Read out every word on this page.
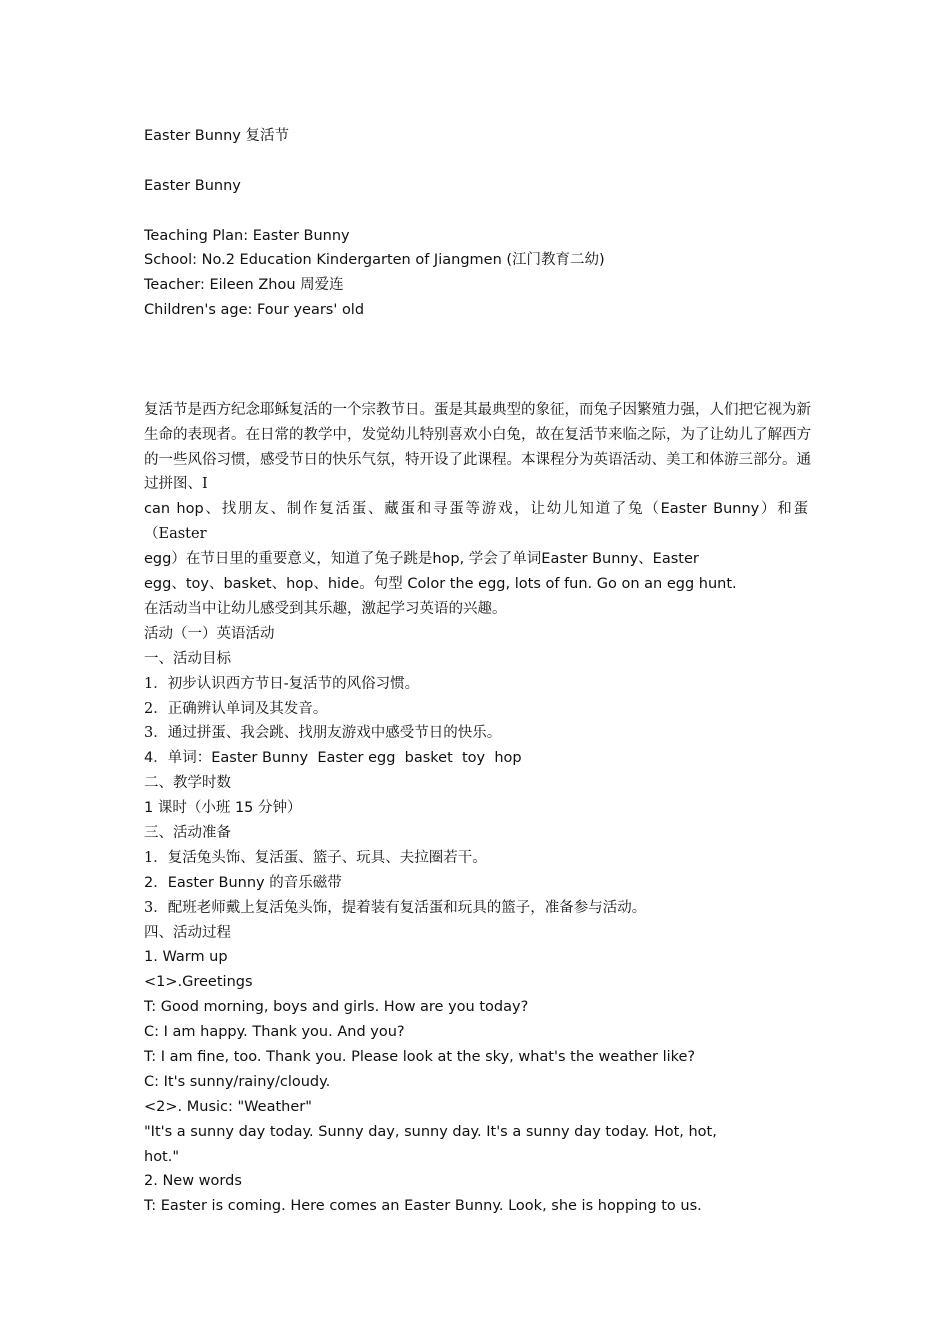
Easter Bunny 复活节
Easter Bunny
Teaching Plan: Easter Bunny
School: No.2 Education Kindergarten of Jiangmen (江门教育二幼)
Teacher: Eileen Zhou 周爱连
Children's age: Four years' old
复活节是西方纪念耶稣复活的一个宗教节日。蛋是其最典型的象征，而兔子因繁殖力强，人们把它视为新
生命的表现者。在日常的教学中，发觉幼儿特别喜欢小白兔，故在复活节来临之际，为了让幼儿了解西方
的一些风俗习惯，感受节日的快乐气氛，特开设了此课程。本课程分为英语活动、美工和体游三部分。通
过拼图、I
can hop、找朋友、制作复活蛋、藏蛋和寻蛋等游戏，让幼儿知道了兔（Easter Bunny）和蛋
（Easter
egg）在节日里的重要意义，知道了兔子跳是hop, 学会了单词Easter Bunny、Easter
egg、toy、basket、hop、hide。句型 Color the egg, lots of fun. Go on an egg hunt.
在活动当中让幼儿感受到其乐趣，激起学习英语的兴趣。
活动（一）英语活动
一、活动目标
1．初步认识西方节日-复活节的风俗习惯。
2．正确辨认单词及其发音。
3．通过拼蛋、我会跳、找朋友游戏中感受节日的快乐。
4．单词：Easter Bunny  Easter egg  basket  toy  hop
二、教学时数
1 课时（小班 15 分钟）
三、活动准备
1．复活兔头饰、复活蛋、篮子、玩具、夫拉圈若干。
2．Easter Bunny 的音乐磁带
3．配班老师戴上复活兔头饰，提着装有复活蛋和玩具的篮子，准备参与活动。
四、活动过程
1. Warm up
<1>.Greetings
T: Good morning, boys and girls. How are you today?
C: I am happy. Thank you. And you?
T: I am fine, too. Thank you. Please look at the sky, what's the weather like?
C: It's sunny/rainy/cloudy.
<2>. Music: "Weather"
"It's a sunny day today. Sunny day, sunny day. It's a sunny day today. Hot, hot,
hot."
2. New words
T: Easter is coming. Here comes an Easter Bunny. Look, she is hopping to us.
